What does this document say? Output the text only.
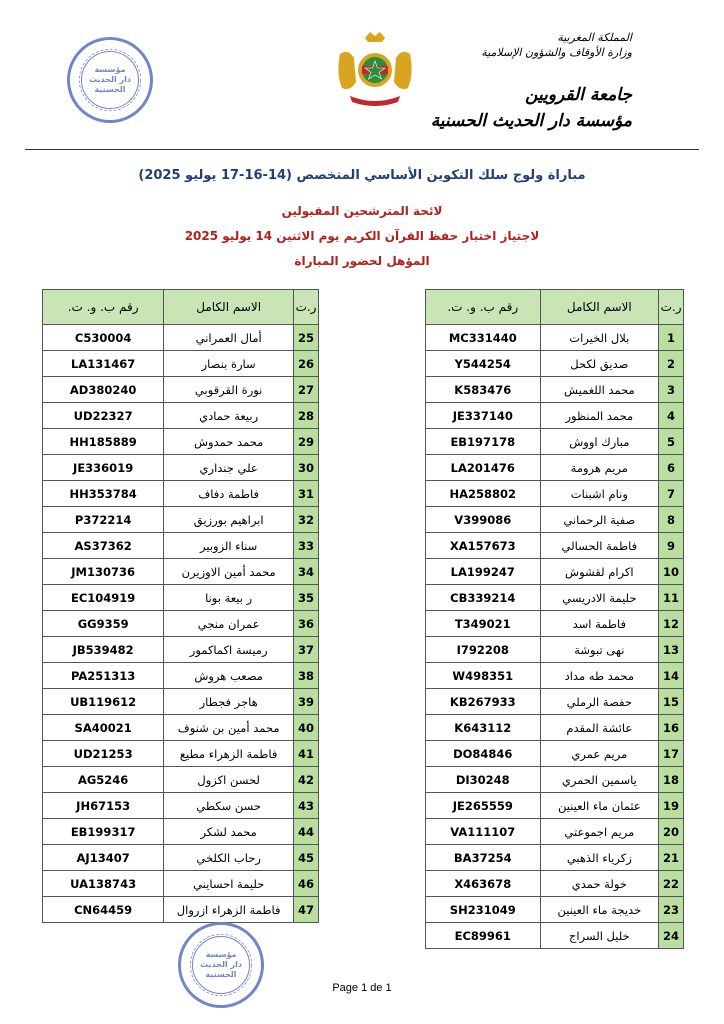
مؤسسة
دار الحديث
الحسنية
المملكة المغربية
وزارة الأوقاف والشؤون الإسلامية
جامعة القرويين
مؤسسة دار الحديث الحسنية
مباراة ولوج سلك التكوين الأساسي المتخصص (14-16-17 يوليو 2025)
لائحة المترشحين المقبولين
لاجتياز اختبار حفظ القرآن الكريم يوم الاثنين 14 يوليو 2025
المؤهل لحضور المباراة
ر.ت	الاسم الكامل	رقم ب. و. ت.
1	بلال الخيرات	MC331440
2	صديق لكحل	Y544254
3	محمد اللغميش	K583476
4	محمد المنظور	JE337140
5	مبارك اووش	EB197178
6	مريم هرومة	LA201476
7	ونام اشبنات	HA258802
8	صفية الرحماني	V399086
9	فاطمة الحسالي	XA157673
10	اكرام لقشوش	LA199247
11	حليمة الادريسي	CB339214
12	فاطمة اسد	T349021
13	نهى تبوشة	I792208
14	محمد طه مداد	W498351
15	حفصة الرملي	KB267933
16	عائشة المقدم	K643112
17	مريم عمري	DO84846
18	ياسمين الحمري	DI30248
19	عثمان ماء العينين	JE265559
20	مريم اجموعتي	VA111107
21	زكرياء الذهبي	BA37254
22	خولة حمدي	X463678
23	خديجة ماء العينين	SH231049
24	خليل السراج	EC89961
ر.ت	الاسم الكامل	رقم ب. و. ت.
25	أمال العمراني	C530004
26	سارة بنصار	LA131467
27	نورة القرقوبي	AD380240
28	ربيعة حمادي	UD22327
29	محمد حمدوش	HH185889
30	علي جنداري	JE336019
31	فاطمة دفاف	HH353784
32	ابراهيم بورزيق	P372214
33	سناء الزوبير	AS37362
34	محمد أمين الاوزيرن	JM130736
35	ر بيعة بونا	EC104919
36	عمران منجي	GG9359
37	رميسة اكماكمور	JB539482
38	مصعب هروش	PA251313
39	هاجر فجطار	UB119612
40	محمد أمين بن شنوف	SA40021
41	فاطمة الزهراء مطيع	UD21253
42	لحسن اكزول	AG5246
43	حسن سكطي	JH67153
44	محمد لشكر	EB199317
45	رحاب الكلخي	AJ13407
46	حليمة احسايني	UA138743
47	فاطمة الزهراء ازروال	CN64459
مؤسسة
دار الحديث
الحسنية
Page 1 de 1
